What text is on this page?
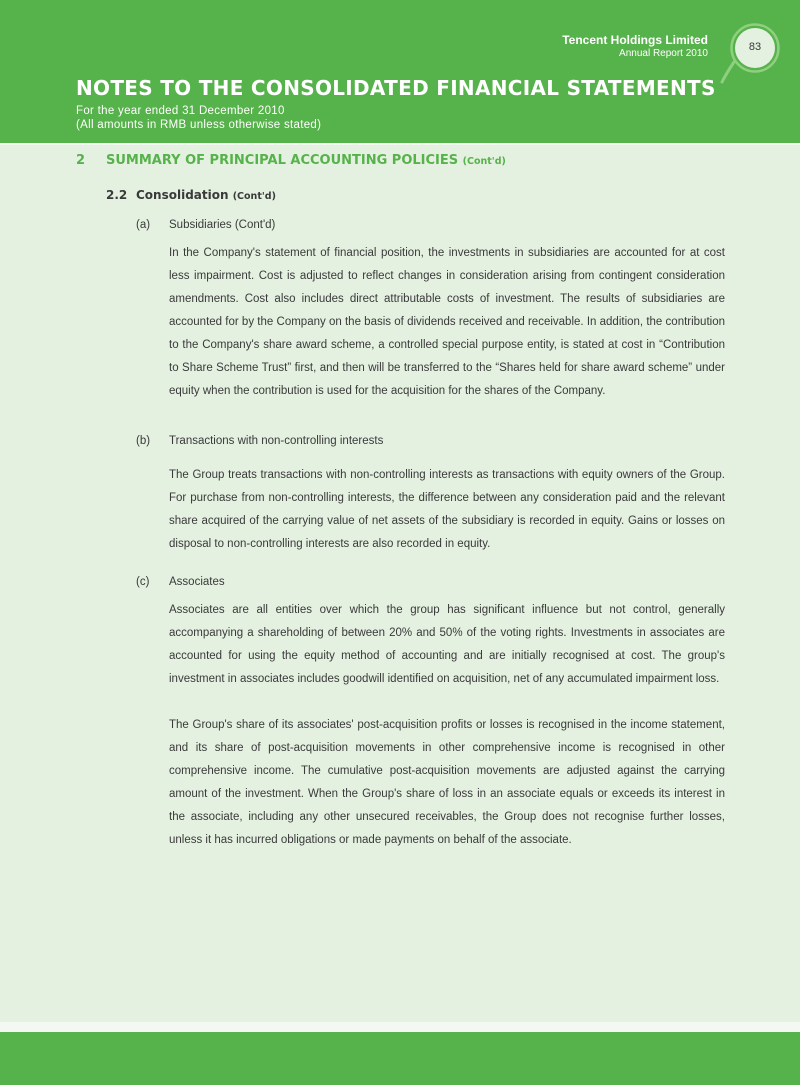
Tencent Holdings Limited
Annual Report 2010
83
NOTES TO THE CONSOLIDATED FINANCIAL STATEMENTS
For the year ended 31 December 2010
(All amounts in RMB unless otherwise stated)
2 SUMMARY OF PRINCIPAL ACCOUNTING POLICIES (Cont'd)
2.2 Consolidation (Cont'd)
(a) Subsidiaries (Cont'd)

In the Company's statement of financial position, the investments in subsidiaries are accounted for at cost less impairment. Cost is adjusted to reflect changes in consideration arising from contingent consideration amendments. Cost also includes direct attributable costs of investment. The results of subsidiaries are accounted for by the Company on the basis of dividends received and receivable. In addition, the contribution to the Company's share award scheme, a controlled special purpose entity, is stated at cost in “Contribution to Share Scheme Trust” first, and then will be transferred to the “Shares held for share award scheme” under equity when the contribution is used for the acquisition for the shares of the Company.

(b) Transactions with non-controlling interests

The Group treats transactions with non-controlling interests as transactions with equity owners of the Group. For purchase from non-controlling interests, the difference between any consideration paid and the relevant share acquired of the carrying value of net assets of the subsidiary is recorded in equity. Gains or losses on disposal to non-controlling interests are also recorded in equity.

(c) Associates

Associates are all entities over which the group has significant influence but not control, generally accompanying a shareholding of between 20% and 50% of the voting rights. Investments in associates are accounted for using the equity method of accounting and are initially recognised at cost. The group's investment in associates includes goodwill identified on acquisition, net of any accumulated impairment loss.

The Group's share of its associates' post-acquisition profits or losses is recognised in the income statement, and its share of post-acquisition movements in other comprehensive income is recognised in other comprehensive income. The cumulative post-acquisition movements are adjusted against the carrying amount of the investment. When the Group's share of loss in an associate equals or exceeds its interest in the associate, including any other unsecured receivables, the Group does not recognise further losses, unless it has incurred obligations or made payments on behalf of the associate.
